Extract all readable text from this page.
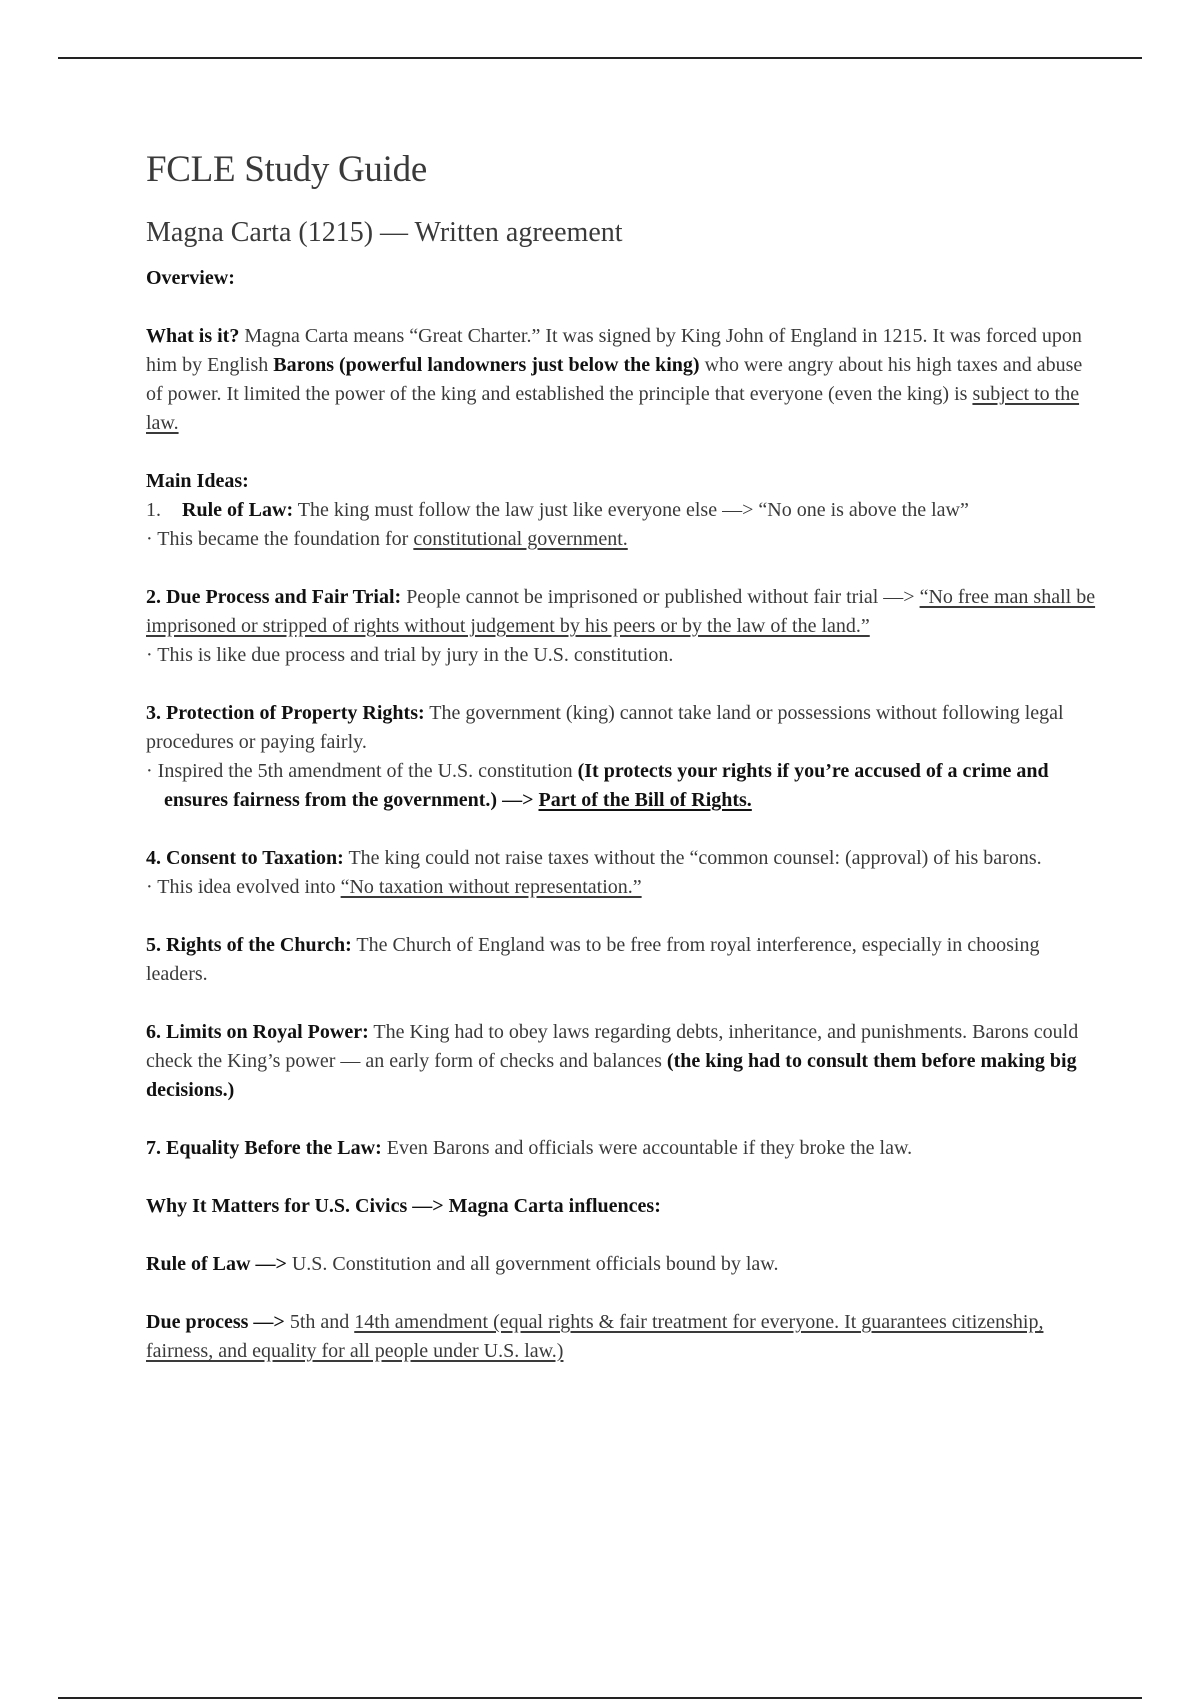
FCLE Study Guide
Magna Carta (1215) — Written agreement

Overview:

What is it? Magna Carta means “Great Charter.” It was signed by King John of England in 1215. It was forced upon him by English Barons (powerful landowners just below the king) who were angry about his high taxes and abuse of power. It limited the power of the king and established the principle that everyone (even the king) is subject to the law.

Main Ideas:

1. Rule of Law: The king must follow the law just like everyone else —> “No one is above the law”

· This became the foundation for constitutional government.

2. Due Process and Fair Trial: People cannot be imprisoned or published without fair trial —> “No free man shall be imprisoned or stripped of rights without judgement by his peers or by the law of the land.”

· This is like due process and trial by jury in the U.S. constitution.

3. Protection of Property Rights: The government (king) cannot take land or possessions without following legal procedures or paying fairly.

· Inspired the 5th amendment of the U.S. constitution (It protects your rights if you’re accused of a crime and ensures fairness from the government.) —> Part of the Bill of Rights.

4. Consent to Taxation: The king could not raise taxes without the “common counsel: (approval) of his barons.

· This idea evolved into “No taxation without representation.”

5. Rights of the Church: The Church of England was to be free from royal interference, especially in choosing leaders.

6. Limits on Royal Power: The King had to obey laws regarding debts, inheritance, and punishments. Barons could check the King’s power — an early form of checks and balances (the king had to consult them before making big decisions.)

7. Equality Before the Law: Even Barons and officials were accountable if they broke the law.

Why It Matters for U.S. Civics —> Magna Carta influences:

Rule of Law —> U.S. Constitution and all government officials bound by law.

Due process —> 5th and 14th amendment (equal rights & fair treatment for everyone. It guarantees citizenship, fairness, and equality for all people under U.S. law.)
